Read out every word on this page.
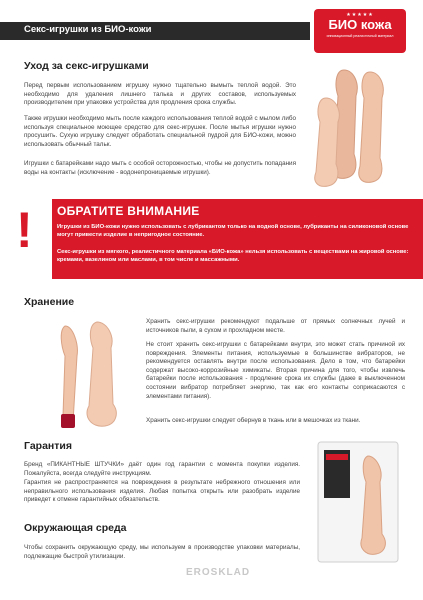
Секс-игрушки из БИО-кожи
★★★★★
БИО кожа
инновационный реалистичный материал
Уход за секс-игрушками
Перед первым использованием игрушку нужно тщательно вымыть теплой водой. Это необходимо для удаления лишнего талька и других составов, используемых производителем при упаковке устройства для продления срока службы.
Также игрушки необходимо мыть после каждого использования теплой водой с мылом либо используя специальное моющее средство для секс-игрушек. После мытья игрушки нужно просушить. Сухую игрушку следует обработать специальной пудрой для БИО-кожи, можно использовать обычный тальк.
Игрушки с батарейками надо мыть с особой осторожностью, чтобы не допустить попадания воды на контакты (исключение - водонепроницаемые игрушки).
! ОБРАТИТЕ ВНИМАНИЕ
Игрушки из БИО-кожи нужно использовать с лубрикантом только на водной основе, лубриканты на силиконовой основе могут привести изделие в непригодное состояние.
Секс-игрушки из мягкого, реалистичного материала «БИО-кожа» нельзя использовать с веществами на жировой основе: кремами, вазелином или маслами, в том числе и массажными.
Хранение
Хранить секс-игрушки рекомендуют подальше от прямых солнечных лучей и источников пыли, в сухом и прохладном месте.
Не стоит хранить секс-игрушки с батарейками внутри, это может стать причиной их повреждения. Элементы питания, используемые в большинстве вибраторов, не рекомендуется оставлять внутри после использования. Дело в том, что батарейки содержат высоко-коррозийные химикаты. Вторая причина для того, чтобы извлечь батарейки после использования - продление срока их службы (даже в выключенном состоянии вибратор потребляет энергию, так как его контакты соприкасаются с элементами питания).
Хранить секс-игрушки следует обернув в ткань или в мешочках из ткани.
Гарантия
Бренд «ПИКАНТНЫЕ ШТУЧКИ» даёт один год гарантии с момента покупки изделия. Пожалуйста, всегда следуйте инструкциям.
Гарантия не распространяется на повреждения в результате небрежного отношения или неправильного использования изделия. Любая попытка открыть или разобрать изделие приведет к отмене гарантийных обязательств.
Окружающая среда
Чтобы сохранить окружающую среду, мы используем в производстве упаковки материалы, подлежащие быстрой утилизации.
EROSKLAD
